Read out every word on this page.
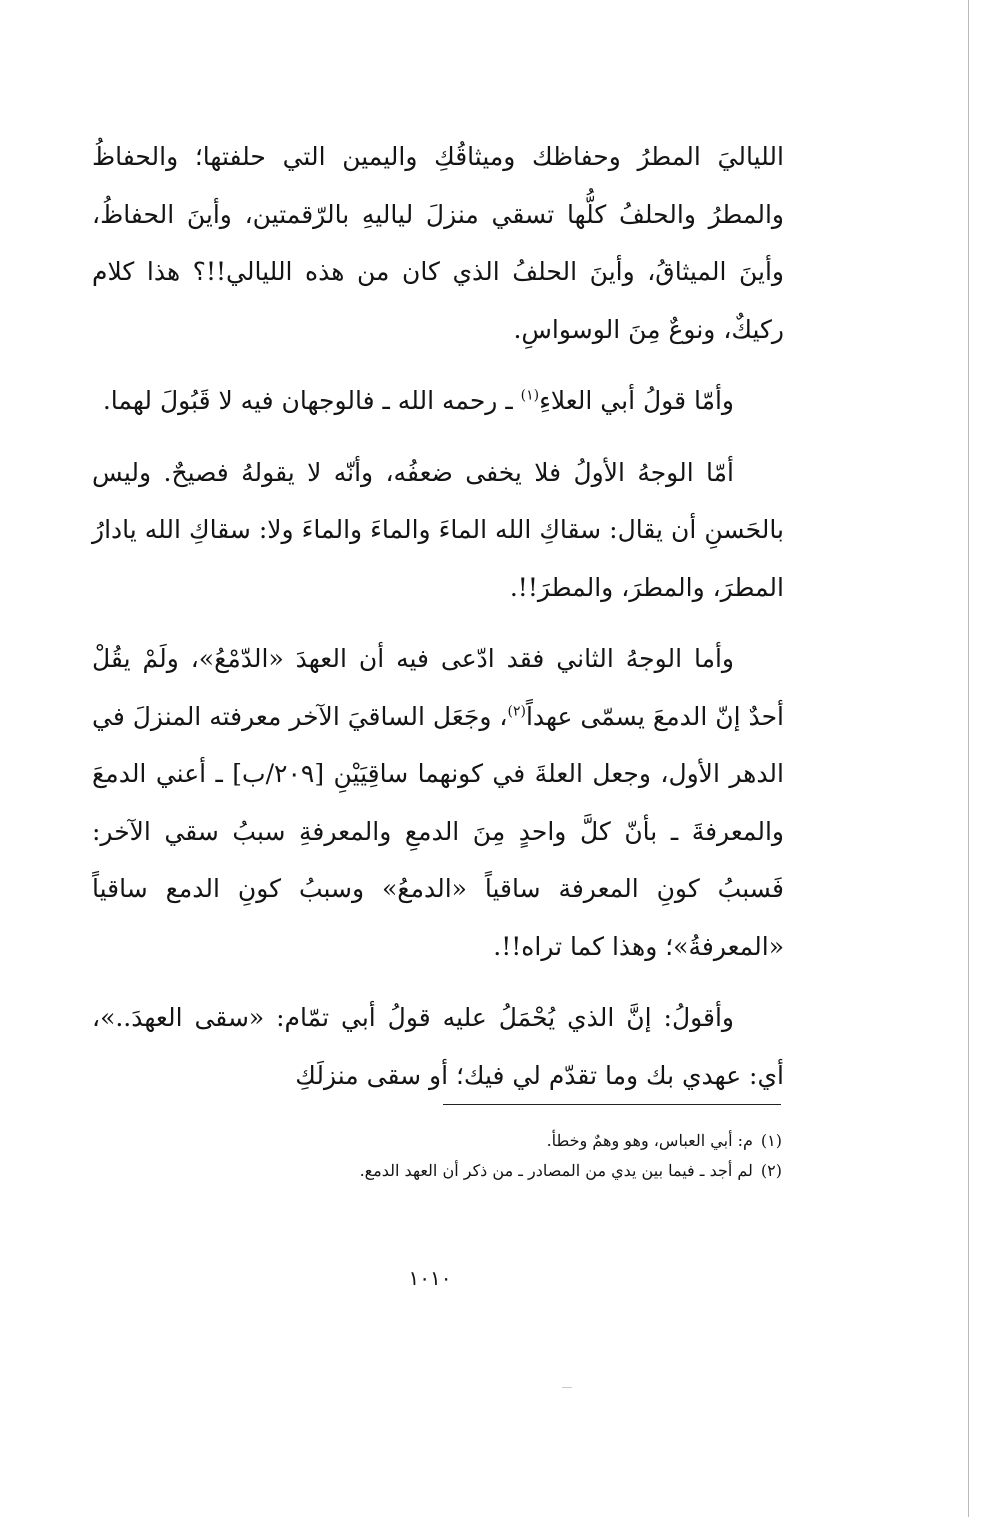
اللياليَ المطرُ وحفاظك وميثاقُكِ واليمين التي حلفتها؛ والحفاظُ والمطرُ والحلفُ كلُّها تسقي منزلَ لياليهِ بالرّقمتين، وأينَ الحفاظُ، وأينَ الميثاقُ، وأينَ الحلفُ الذي كان من هذه الليالي!!؟ هذا كلام ركيكٌ، ونوعٌ مِنَ الوسواسِ.

وأمّا قولُ أبي العلاءِ$^{(١)}$ ـ رحمه الله ـ فالوجهان فيه لا قَبُولَ لهما.

أمّا الوجهُ الأولُ فلا يخفى ضعفُه، وأنّه لا يقولهُ فصيحٌ. وليس بالحَسنِ أن يقال: سقاكِ الله الماءَ والماءَ والماءَ ولا: سقاكِ الله يادارُ المطرَ، والمطرَ، والمطرَ!!.

وأما الوجهُ الثاني فقد ادّعى فيه أن العهدَ «الدّمْعُ»، ولَمْ يقُلْ أحدٌ إنّ الدمعَ يسمّى عهداً$^{(٢)}$، وجَعَل الساقيَ الآخر معرفته المنزلَ في الدهر الأول، وجعل العلةَ في كونهما ساقِيَيْنِ [٢٠٩/ب] ـ أعني الدمعَ والمعرفةَ ـ بأنّ كلَّ واحدٍ مِنَ الدمعِ والمعرفةِ سببُ سقي الآخر: فَسببُ كونِ المعرفة ساقياً «الدمعُ» وسببُ كونِ الدمع ساقياً «المعرفةُ»؛ وهذا كما تراه!!.

وأقولُ: إنَّ الذي يُحْمَلُ عليه قولُ أبي تمّام: «سقى العهدَ..»، أي: عهدي بك وما تقدّم لي فيك؛ أو سقى منزلَكِ

(١)م: أبي العباس، وهو وهمٌ وخطأ.
(٢)لم أجد ـ فيما بين يدي من المصادر ـ من ذكر أن العهد الدمع.
١٠١٠
